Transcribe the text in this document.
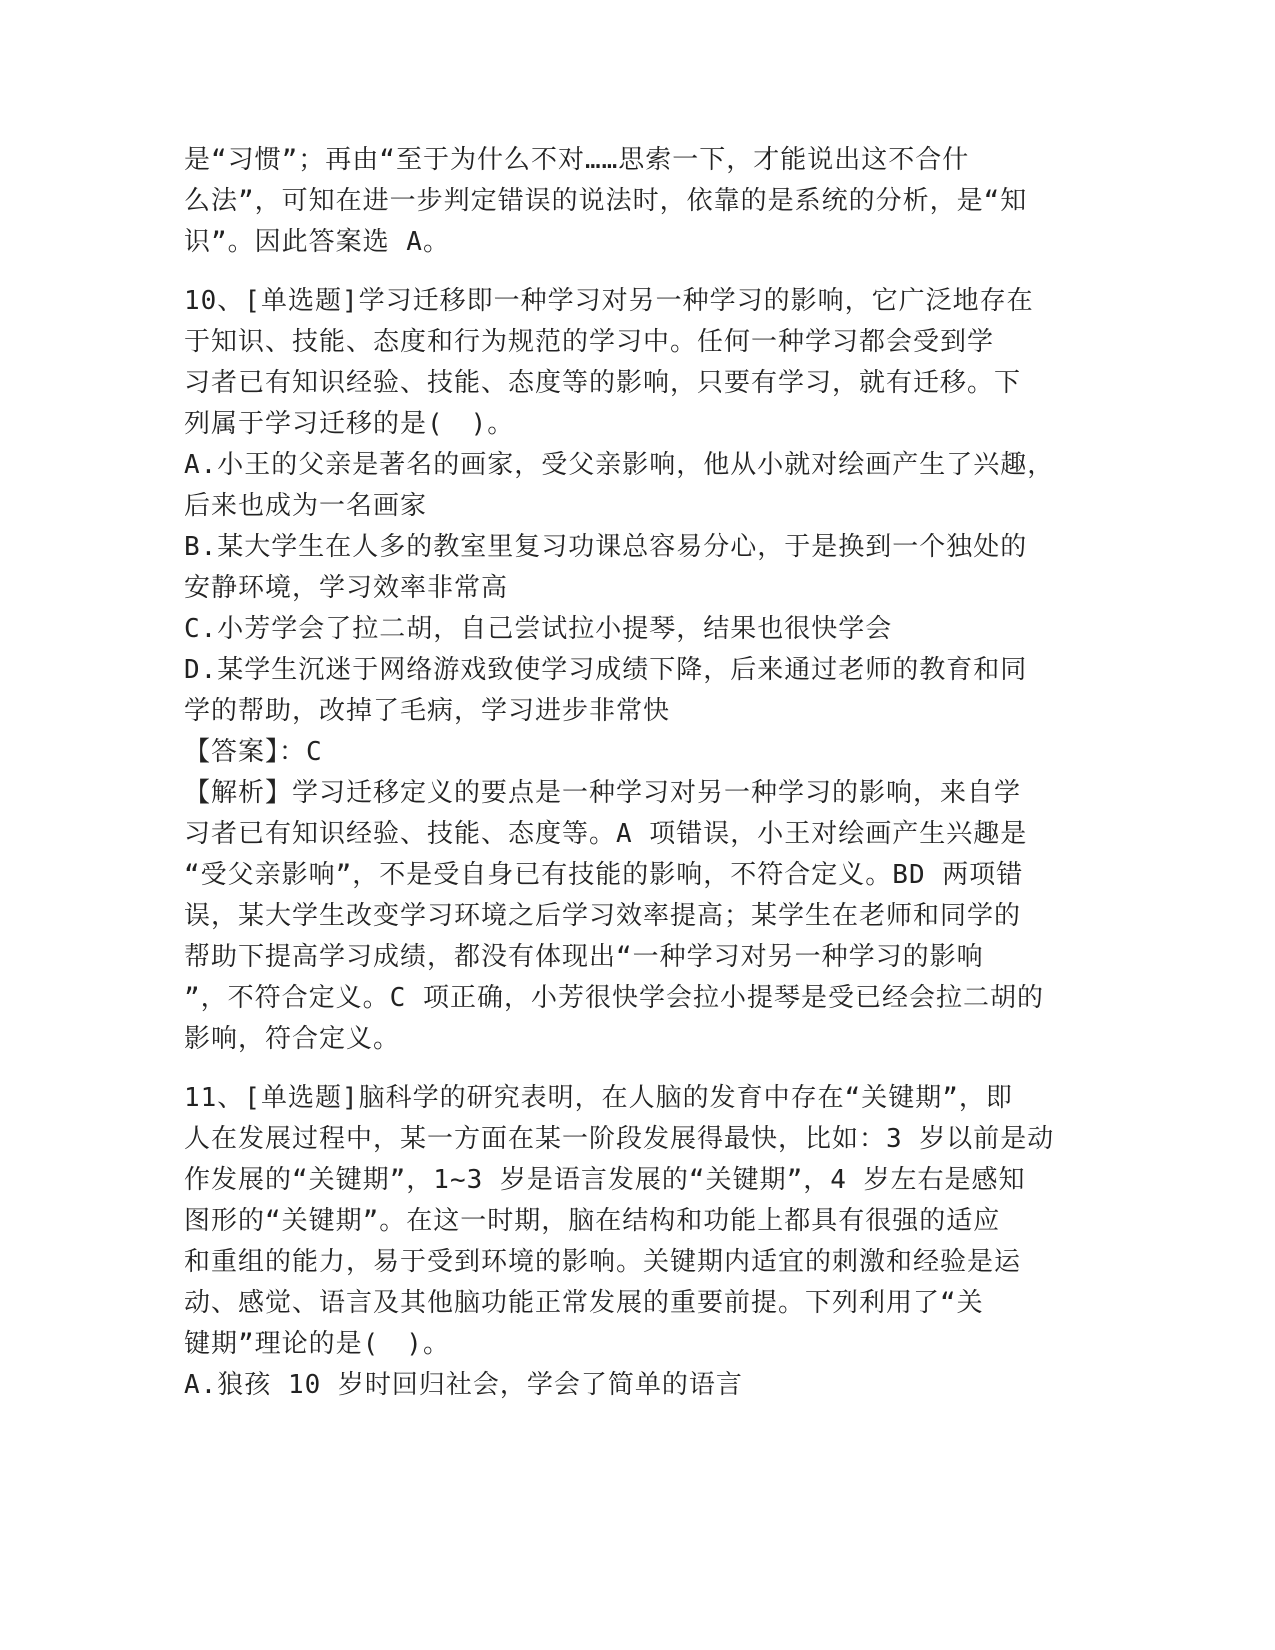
是“习惯”；再由“至于为什么不对……思索一下，才能说出这不合什
么法”，可知在进一步判定错误的说法时，依靠的是系统的分析，是“知
识”。因此答案选 A。
10、[单选题]学习迁移即一种学习对另一种学习的影响，它广泛地存在
于知识、技能、态度和行为规范的学习中。任何一种学习都会受到学
习者已有知识经验、技能、态度等的影响，只要有学习，就有迁移。下
列属于学习迁移的是(　)。
A.小王的父亲是著名的画家，受父亲影响，他从小就对绘画产生了兴趣，
后来也成为一名画家
B.某大学生在人多的教室里复习功课总容易分心，于是换到一个独处的
安静环境，学习效率非常高
C.小芳学会了拉二胡，自己尝试拉小提琴，结果也很快学会
D.某学生沉迷于网络游戏致使学习成绩下降，后来通过老师的教育和同
学的帮助，改掉了毛病，学习进步非常快
【答案】：C
【解析】学习迁移定义的要点是一种学习对另一种学习的影响，来自学
习者已有知识经验、技能、态度等。A 项错误，小王对绘画产生兴趣是
“受父亲影响”，不是受自身已有技能的影响，不符合定义。BD 两项错
误，某大学生改变学习环境之后学习效率提高；某学生在老师和同学的
帮助下提高学习成绩，都没有体现出“一种学习对另一种学习的影响
”，不符合定义。C 项正确，小芳很快学会拉小提琴是受已经会拉二胡的
影响，符合定义。
11、[单选题]脑科学的研究表明，在人脑的发育中存在“关键期”，即
人在发展过程中，某一方面在某一阶段发展得最快，比如：3 岁以前是动
作发展的“关键期”，1~3 岁是语言发展的“关键期”，4 岁左右是感知
图形的“关键期”。在这一时期，脑在结构和功能上都具有很强的适应
和重组的能力，易于受到环境的影响。关键期内适宜的刺激和经验是运
动、感觉、语言及其他脑功能正常发展的重要前提。下列利用了“关
键期”理论的是(　)。
A.狼孩 10 岁时回归社会，学会了简单的语言
